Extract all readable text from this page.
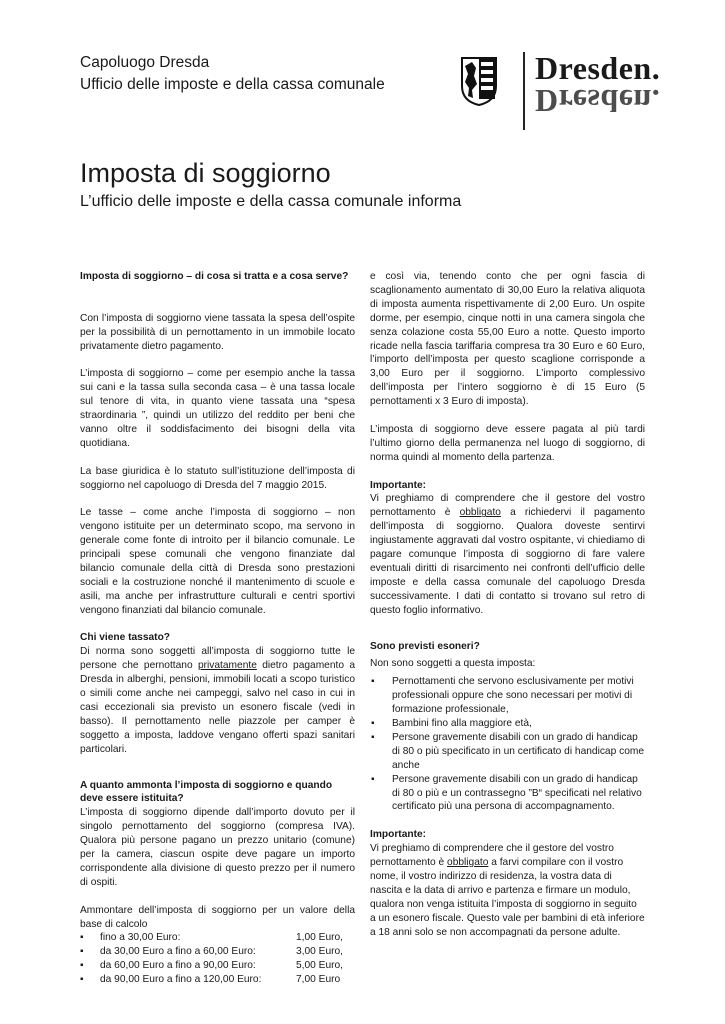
Capoluogo Dresda
Ufficio delle imposte e della cassa comunale	Dresden.
Dresden.
Imposta di soggiorno
L’ufficio delle imposte e della cassa comunale informa
Imposta di soggiorno – di cosa si tratta e a cosa serve?

Con l’imposta di soggiorno viene tassata la spesa dell’ospite per la possibilità di un pernottamento in un immobile locato privatamente dietro pagamento.

L’imposta di soggiorno – come per esempio anche la tassa sui cani e la tassa sulla seconda casa – è una tassa locale sul tenore di vita, in quanto viene tassata una “spesa straordinaria ”, quindi un utilizzo del reddito per beni che vanno oltre il soddisfacimento dei bisogni della vita quotidiana.

La base giuridica è lo statuto sull’istituzione dell’imposta di soggiorno nel capoluogo di Dresda del 7 maggio 2015.

Le tasse – come anche l’imposta di soggiorno – non vengono istituite per un determinato scopo, ma servono in generale come fonte di introito per il bilancio comunale. Le principali spese comunali che vengono finanziate dal bilancio comunale della città di Dresda sono prestazioni sociali e la costruzione nonché il mantenimento di scuole e asili, ma anche per infrastrutture culturali e centri sportivi vengono finanziati dal bilancio comunale.

Chi viene tassato?

Di norma sono soggetti all’imposta di soggiorno tutte le persone che pernottano privatamente dietro pagamento a Dresda in alberghi, pensioni, immobili locati a scopo turistico o simili come anche nei campeggi, salvo nel caso in cui in casi eccezionali sia previsto un esonero fiscale (vedi in basso). Il pernottamento nelle piazzole per camper è soggetto a imposta, laddove vengano offerti spazi sanitari particolari.

A quanto ammonta l’imposta di soggiorno e quando deve essere istituita?

L’imposta di soggiorno dipende dall’importo dovuto per il singolo pernottamento del soggiorno (compresa IVA). Qualora più persone pagano un prezzo unitario (comune) per la camera, ciascun ospite deve pagare un importo corrispondente alla divisione di questo prezzo per il numero di ospiti.

Ammontare dell’imposta di soggiorno per un valore della base di calcolo

▪ fino a 30,00 Euro:	1,00 Euro,
▪ da 30,00 Euro a fino a 60,00 Euro:	3,00 Euro,
▪ da 60,00 Euro a fino a 90,00 Euro:	5,00 Euro,
▪ da 90,00 Euro a fino a 120,00 Euro:	7,00 Euro

e così via, tenendo conto che per ogni fascia di scaglionamento aumentato di 30,00 Euro la relativa aliquota di imposta aumenta rispettivamente di 2,00 Euro. Un ospite dorme, per esempio, cinque notti in una camera singola che senza colazione costa 55,00 Euro a notte. Questo importo ricade nella fascia tariffaria compresa tra 30 Euro e 60 Euro, l’importo dell’imposta per questo scaglione corrisponde a 3,00 Euro per il soggiorno. L’importo complessivo dell’imposta per l’intero soggiorno è di 15 Euro (5 pernottamenti x 3 Euro di imposta).

L’imposta di soggiorno deve essere pagata al più tardi l’ultimo giorno della permanenza nel luogo di soggiorno, di norma quindi al momento della partenza.

Importante:

Vi preghiamo di comprendere che il gestore del vostro pernottamento è obbligato a richiedervi il pagamento dell’imposta di soggiorno. Qualora doveste sentirvi ingiustamente aggravati dal vostro ospitante, vi chiediamo di pagare comunque l’imposta di soggiorno di fare valere eventuali diritti di risarcimento nei confronti dell’ufficio delle imposte e della cassa comunale del capoluogo Dresda successivamente. I dati di contatto si trovano sul retro di questo foglio informativo.

Sono previsti esoneri?

Non sono soggetti a questa imposta:

▪ Pernottamenti che servono esclusivamente per motivi professionali oppure che sono necessari per motivi di formazione professionale,
▪ Bambini fino alla maggiore età,
▪ Persone gravemente disabili con un grado di handicap di 80 o più specificato in un certificato di handicap come anche
▪ Persone gravemente disabili con un grado di handicap di 80 o più e un contrassegno ”B“ specificati nel relativo certificato più una persona di accompagnamento.
Importante:

Vi preghiamo di comprendere che il gestore del vostro pernottamento è obbligato a farvi compilare con il vostro nome, il vostro indirizzo di residenza, la vostra data di nascita e la data di arrivo e partenza e firmare un modulo, qualora non venga istituita l’imposta di soggiorno in seguito a un esonero fiscale. Questo vale per bambini di età inferiore a 18 anni solo se non accompagnati da persone adulte.
